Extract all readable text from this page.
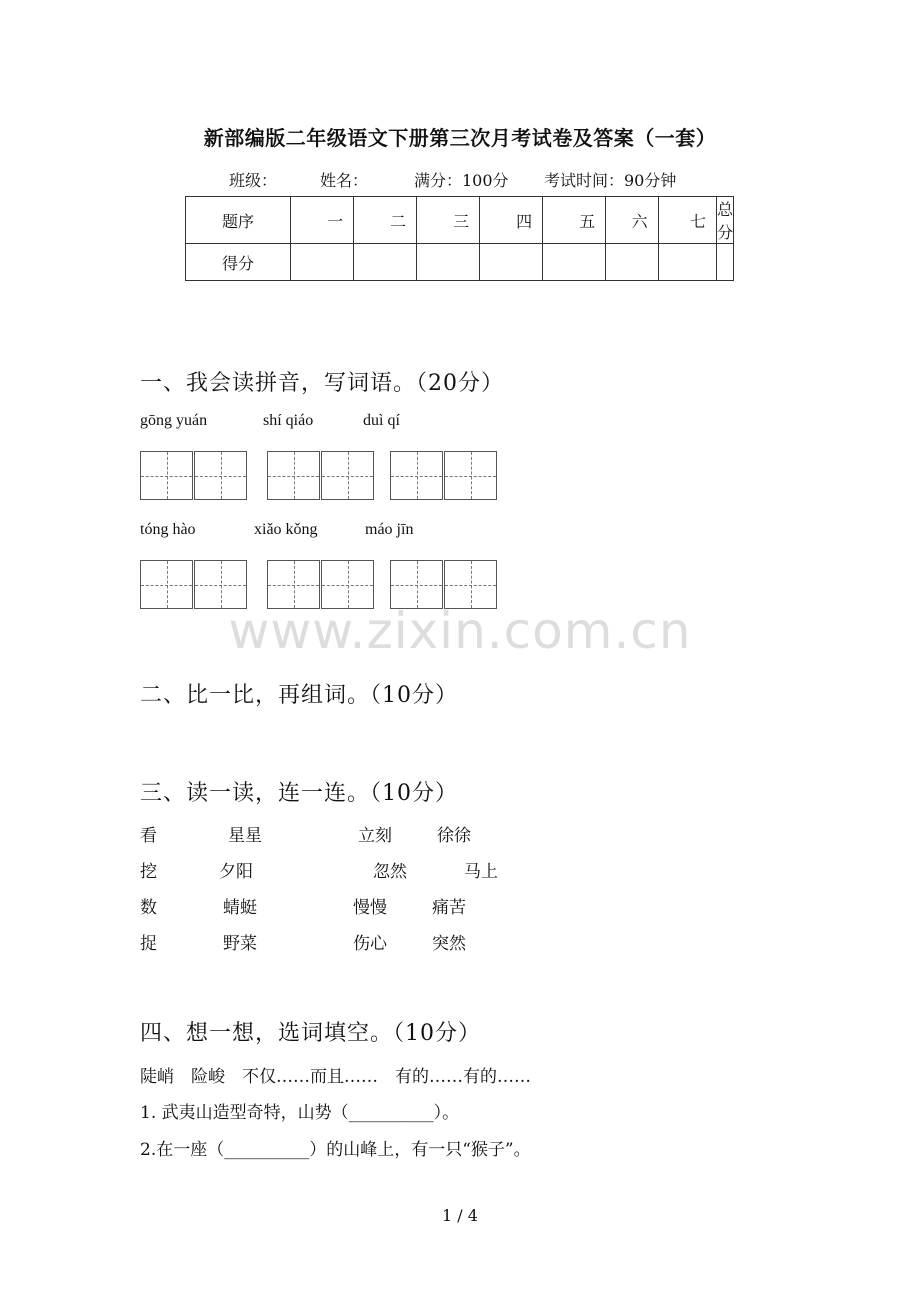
新部编版二年级语文下册第三次月考试卷及答案（一套）
班级：	姓名：	满分：100分 考试时间：90分钟
题序	一	二	三	四	五	六	七	总分
得分								
一、我会读拼音，写词语。（20分）
gōng yuán	shí qiáo	duì qí
tóng hào	xiǎo kǒng	máo jīn
www.zixin.com.cn
二、比一比，再组词。（10分）
三、读一读，连一连。（10分）
看	星星	立刻	徐徐
挖	夕阳	忽然	马上
数	蜻蜓	慢慢	痛苦
捉	野菜	伤心	突然
四、想一想，选词填空。（10分）
陡峭　险峻　不仅……而且……　有的……有的……
1. 武夷山造型奇特，山势（__________）。
2.在一座（__________）的山峰上，有一只“猴子”。
1 / 4
